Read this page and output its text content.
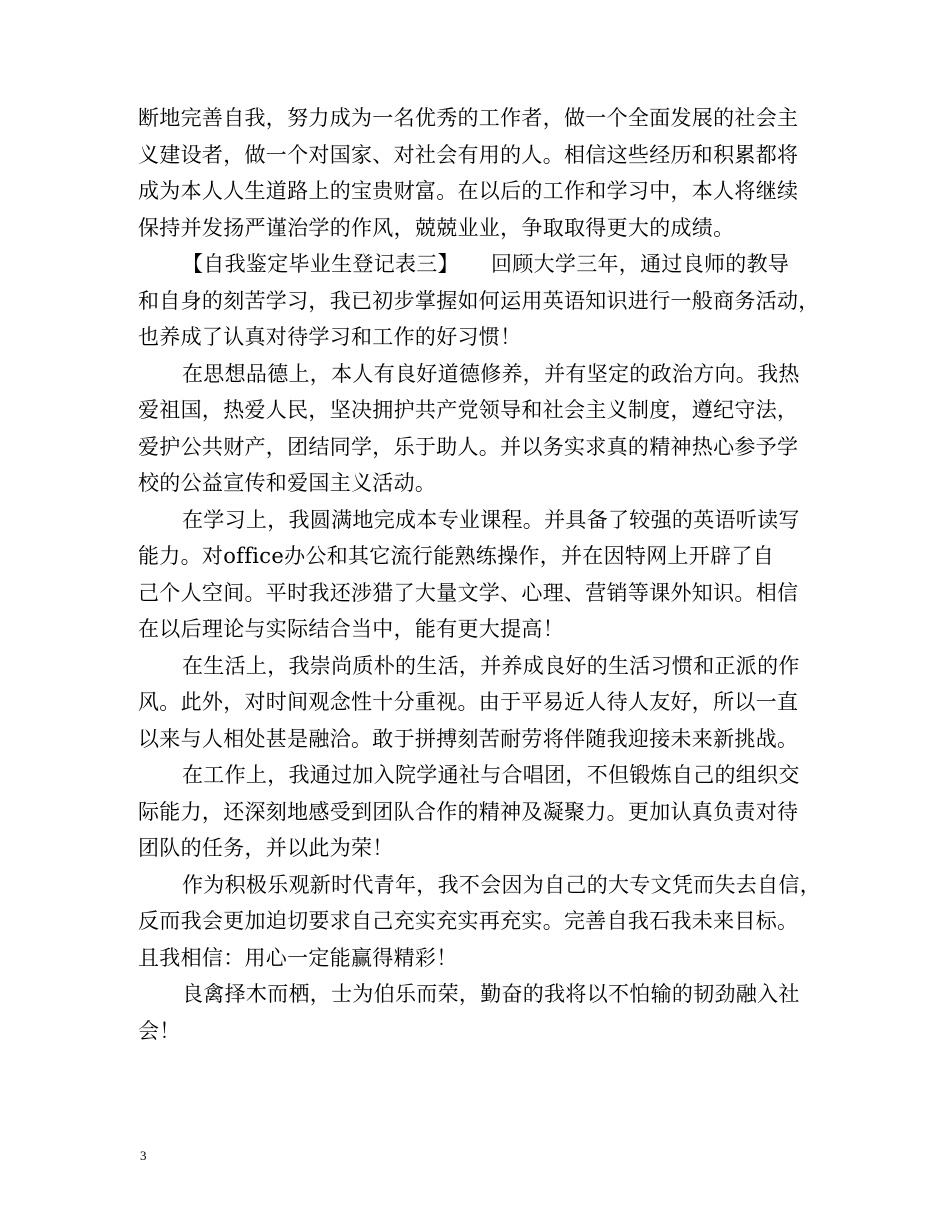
断地完善自我，努力成为一名优秀的工作者，做一个全面发展的社会主
义建设者，做一个对国家、对社会有用的人。相信这些经历和积累都将
成为本人人生道路上的宝贵财富。在以后的工作和学习中，本人将继续
保持并发扬严谨治学的作风，兢兢业业，争取取得更大的成绩。
【自我鉴定毕业生登记表三】　　回顾大学三年，通过良师的教导
和自身的刻苦学习，我已初步掌握如何运用英语知识进行一般商务活动，
也养成了认真对待学习和工作的好习惯！
在思想品德上，本人有良好道德修养，并有坚定的政治方向。我热
爱祖国，热爱人民，坚决拥护共产党领导和社会主义制度，遵纪守法，
爱护公共财产，团结同学，乐于助人。并以务实求真的精神热心参予学
校的公益宣传和爱国主义活动。
在学习上，我圆满地完成本专业课程。并具备了较强的英语听读写
能力。对office办公和其它流行能熟练操作，并在因特网上开辟了自
己个人空间。平时我还涉猎了大量文学、心理、营销等课外知识。相信
在以后理论与实际结合当中，能有更大提高！
在生活上，我崇尚质朴的生活，并养成良好的生活习惯和正派的作
风。此外，对时间观念性十分重视。由于平易近人待人友好，所以一直
以来与人相处甚是融洽。敢于拼搏刻苦耐劳将伴随我迎接未来新挑战。
在工作上，我通过加入院学通社与合唱团，不但锻炼自己的组织交
际能力，还深刻地感受到团队合作的精神及凝聚力。更加认真负责对待
团队的任务，并以此为荣！
作为积极乐观新时代青年，我不会因为自己的大专文凭而失去自信，
反而我会更加迫切要求自己充实充实再充实。完善自我石我未来目标。
且我相信：用心一定能赢得精彩！
良禽择木而栖，士为伯乐而荣，勤奋的我将以不怕输的韧劲融入社
会！
3
